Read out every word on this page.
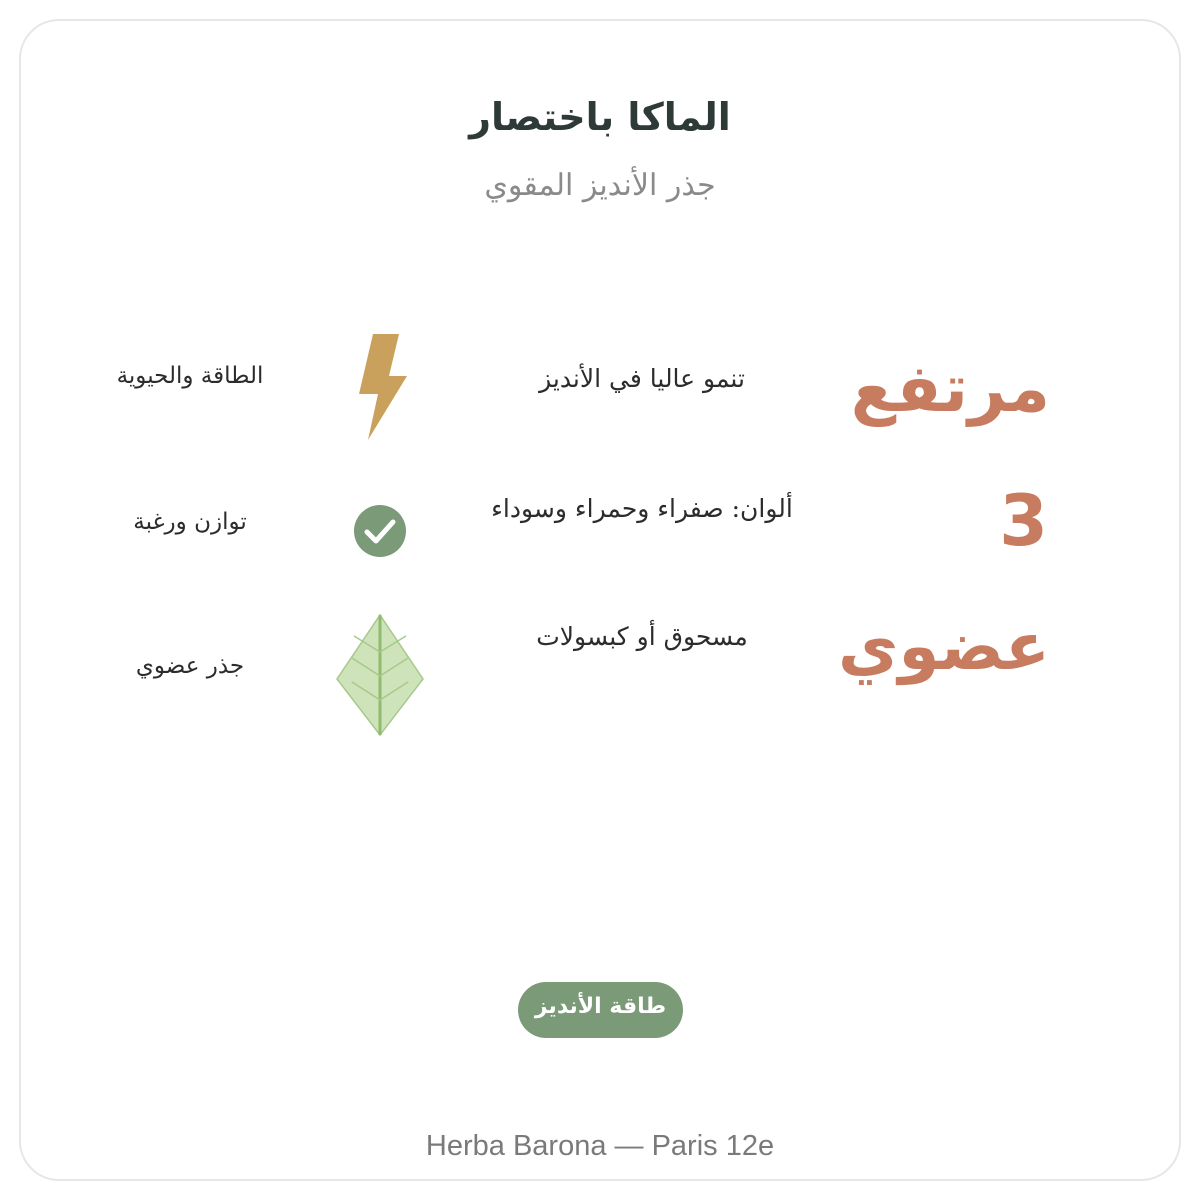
الماكا باختصار
جذر الأنديز المقوي
مرتفع
3
عضوي
تنمو عاليا في الأنديز
ألوان: صفراء وحمراء وسوداء
مسحوق أو كبسولات
الطاقة والحيوية
توازن ورغبة
جذر عضوي
طاقة الأنديز
Herba Barona — Paris 12e
